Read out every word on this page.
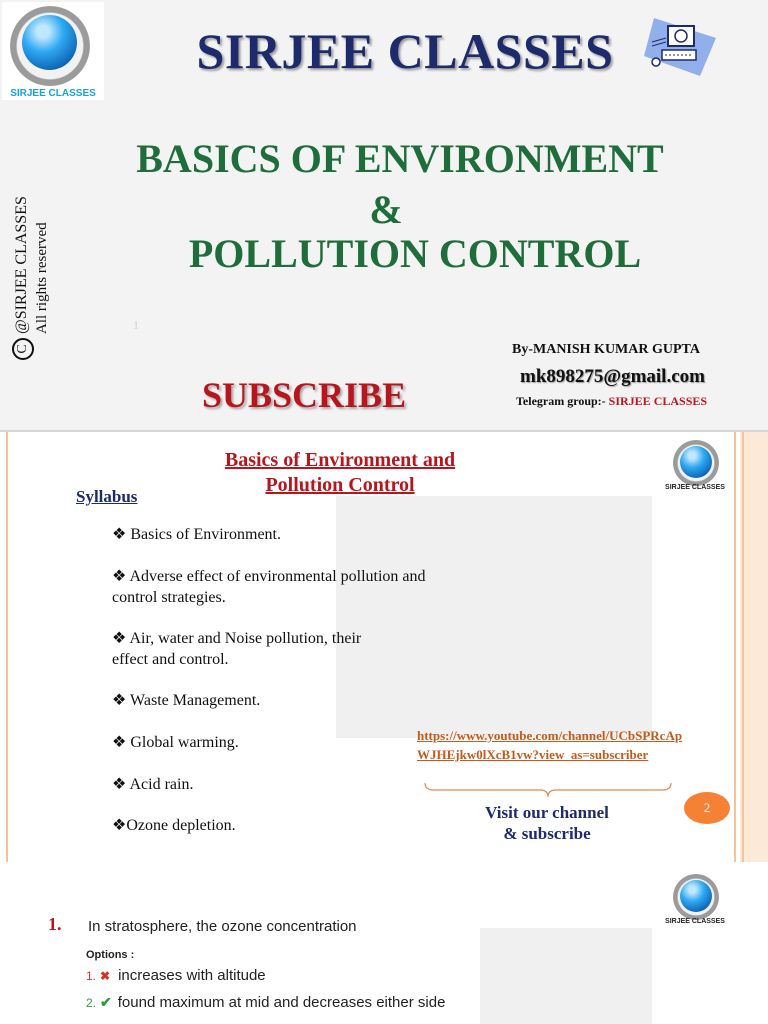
SIRJEE CLASSES
SIRJEE CLASSES
BASICS OF ENVIRONMENT
&
POLLUTION CONTROL
C@SIRJEE CLASSES All rights reserved	1
By-MANISH KUMAR GUPTA
mk898275@gmail.com
Telegram group:- SIRJEE CLASSES
SUBSCRIBE
Basics of Environment and
Pollution Control
Syllabus
❖ Basics of Environment.
❖ Adverse effect of environmental pollution and
control strategies.
❖ Air, water and Noise pollution, their
effect and control.
❖ Waste Management.
❖ Global warming.
❖ Acid rain.
❖Ozone depletion.
SIRJEE CLASSES
https://www.youtube.com/channel/UCbSPRcApWJHEjkw0lXcB1vw?view_as=subscriber
Visit our channel
& subscribe
2
SIRJEE CLASSES
1. In stratosphere, the ozone concentration
Options :
1. ✖ increases with altitude
2. ✔ found maximum at mid and decreases either side
